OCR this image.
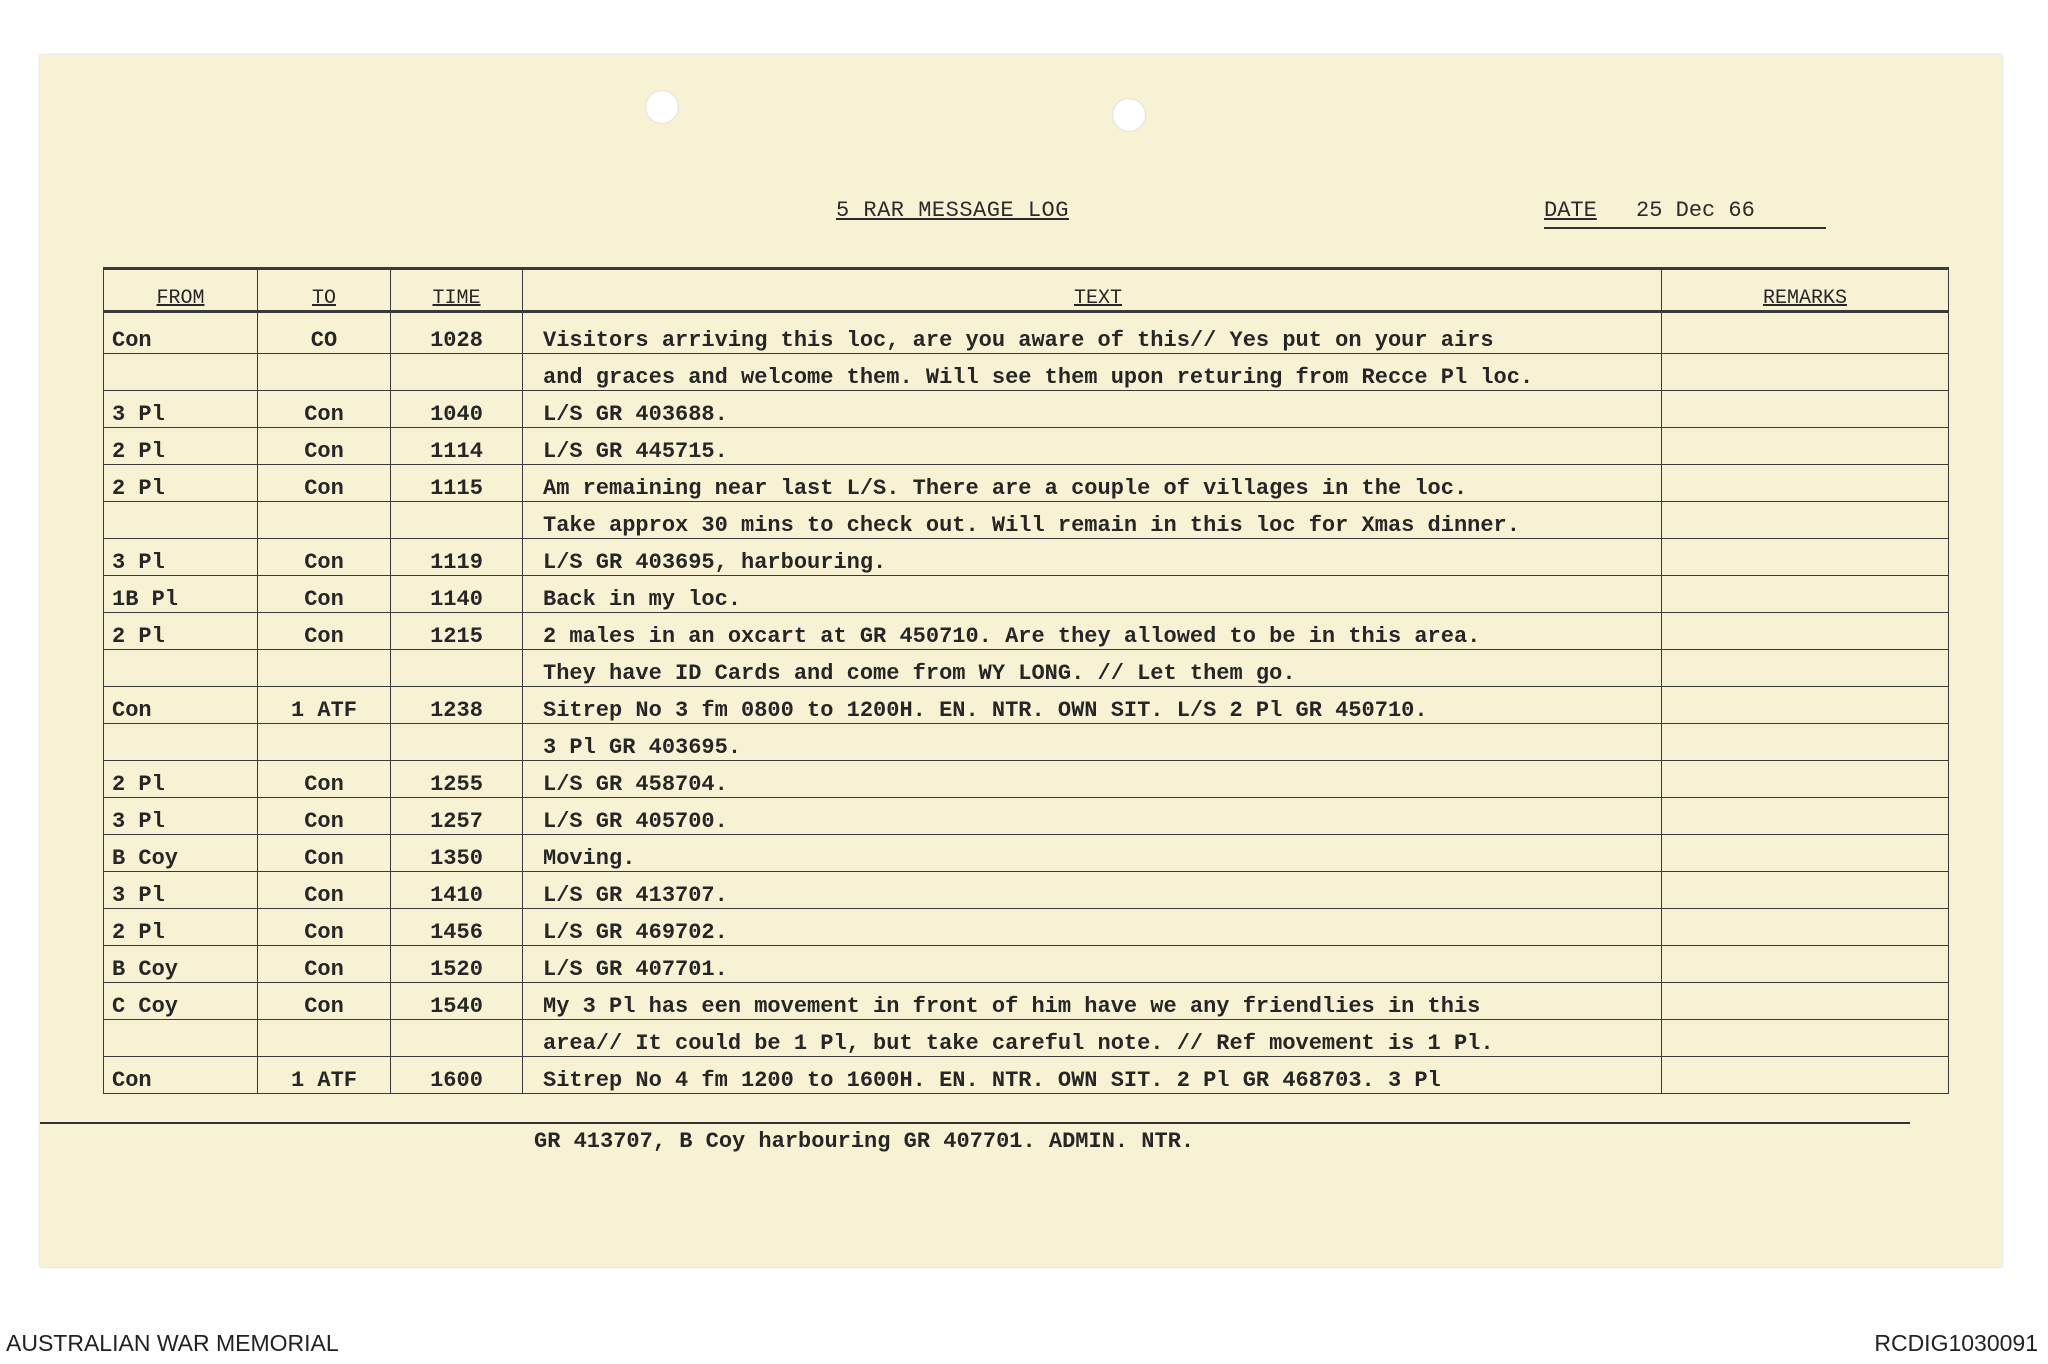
5 RAR MESSAGE LOG	DATE 25 Dec 66
FROM	TO	TIME	TEXT	REMARKS
Con	CO	1028	Visitors arriving this loc, are you aware of this// Yes put on your airs	
			and graces and welcome them. Will see them upon returing from Recce Pl loc.	
3 Pl	Con	1040	L/S GR 403688.	
2 Pl	Con	1114	L/S GR 445715.	
2 Pl	Con	1115	Am remaining near last L/S. There are a couple of villages in the loc.	
			Take approx 30 mins to check out. Will remain in this loc for Xmas dinner.	
3 Pl	Con	1119	L/S GR 403695, harbouring.	
1B Pl	Con	1140	Back in my loc.	
2 Pl	Con	1215	2 males in an oxcart at GR 450710. Are they allowed to be in this area.	
			They have ID Cards and come from WY LONG. // Let them go.	
Con	1 ATF	1238	Sitrep No 3 fm 0800 to 1200H. EN. NTR. OWN SIT. L/S 2 Pl GR 450710.	
			3 Pl GR 403695.	
2 Pl	Con	1255	L/S GR 458704.	
3 Pl	Con	1257	L/S GR 405700.	
B Coy	Con	1350	Moving.	
3 Pl	Con	1410	L/S GR 413707.	
2 Pl	Con	1456	L/S GR 469702.	
B Coy	Con	1520	L/S GR 407701.	
C Coy	Con	1540	My 3 Pl has een movement in front of him have we any friendlies in this	
			area// It could be 1 Pl, but take careful note. // Ref movement is 1 Pl.	
Con	1 ATF	1600	Sitrep No 4 fm 1200 to 1600H. EN. NTR. OWN SIT. 2 Pl GR 468703. 3 Pl	
GR 413707, B Coy harbouring GR 407701. ADMIN. NTR.
AUSTRALIAN WAR MEMORIAL	RCDIG1030091
